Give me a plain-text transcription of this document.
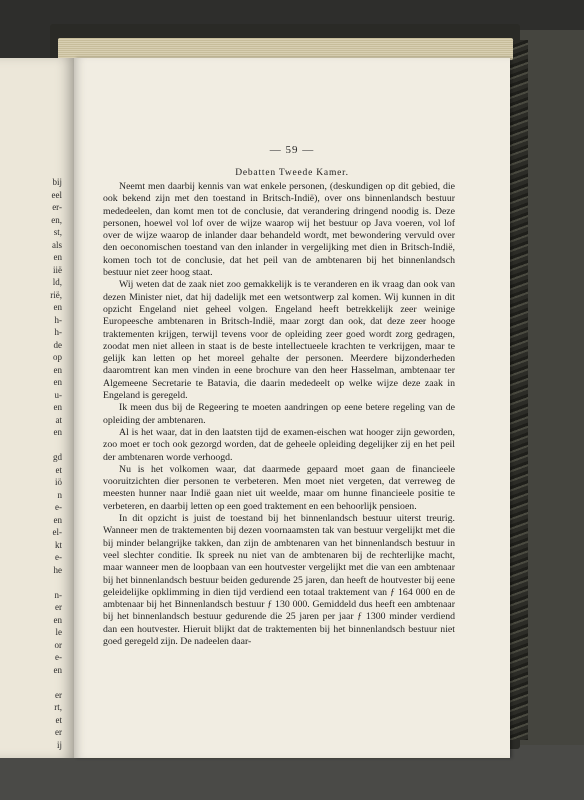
bij
eel
er-
en,
st,
als
en
iië
ld,
rië,
en
h-
h-
de
op
en
en
u-
en
at
en
gd
et
iö
n
e-
en
el-
kt
e-
he
n-
er
en
le
or
e-
en
er
rt,
et
er
ij
— 59 —
Debatten Tweede Kamer.

Neemt men daarbij kennis van wat enkele personen, (deskundigen op dit gebied, die ook bekend zijn met den toestand in Britsch-Indië), over ons binnenlandsch bestuur mededeelen, dan komt men tot de conclusie, dat verandering dringend noodig is. Deze personen, hoewel vol lof over de wijze waarop wij het bestuur op Java voeren, vol lof over de wijze waarop de inlander daar behandeld wordt, met bewondering vervuld over den oeconomischen toestand van den inlander in vergelijking met dien in Britsch-Indië, komen toch tot de conclusie, dat het peil van de ambtenaren bij het binnenlandsch bestuur niet zeer hoog staat.

Wij weten dat de zaak niet zoo gemakkelijk is te veranderen en ik vraag dan ook van dezen Minister niet, dat hij dadelijk met een wetsontwerp zal komen. Wij kunnen in dit opzicht Engeland niet geheel volgen. Engeland heeft betrekkelijk zeer weinige Europeesche ambtenaren in Britsch-Indië, maar zorgt dan ook, dat deze zeer hooge traktementen krijgen, terwijl tevens voor de opleiding zeer goed wordt zorg gedragen, zoodat men niet alleen in staat is de beste intellectueele krachten te verkrijgen, maar te gelijk kan letten op het moreel gehalte der personen. Meerdere bijzonderheden daaromtrent kan men vinden in eene brochure van den heer Hasselman, ambtenaar ter Algemeene Secretarie te Batavia, die daarin mededeelt op welke wijze deze zaak in Engeland is geregeld.

Ik meen dus bij de Regeering te moeten aandringen op eene betere regeling van de opleiding der ambtenaren.

Al is het waar, dat in den laatsten tijd de examen-eischen wat hooger zijn geworden, zoo moet er toch ook gezorgd worden, dat de geheele opleiding degelijker zij en het peil der ambtenaren worde verhoogd.

Nu is het volkomen waar, dat daarmede gepaard moet gaan de financieele vooruitzichten dier personen te verbeteren. Men moet niet vergeten, dat verreweg de meesten hunner naar Indië gaan niet uit weelde, maar om hunne financieele positie te verbeteren, en daarbij letten op een goed traktement en een behoorlijk pensioen.

In dit opzicht is juist de toestand bij het binnenlandsch bestuur uiterst treurig. Wanneer men de traktementen bij dezen voornaamsten tak van bestuur vergelijkt met die bij minder belangrijke takken, dan zijn de ambtenaren van het binnenlandsch bestuur in veel slechter conditie. Ik spreek nu niet van de ambtenaren bij de rechterlijke macht, maar wanneer men de loopbaan van een houtvester vergelijkt met die van een ambtenaar bij het binnenlandsch bestuur beiden gedurende 25 jaren, dan heeft de houtvester bij eene geleidelijke opklimming in dien tijd verdiend een totaal traktement van ƒ 164 000 en de ambtenaar bij het Binnenlandsch bestuur ƒ 130 000. Gemiddeld dus heeft een ambtenaar bij het binnenlandsch bestuur gedurende die 25 jaren per jaar ƒ 1300 minder verdiend dan een houtvester. Hieruit blijkt dat de traktementen bij het binnenlandsch bestuur niet goed geregeld zijn. De nadeelen daar-
